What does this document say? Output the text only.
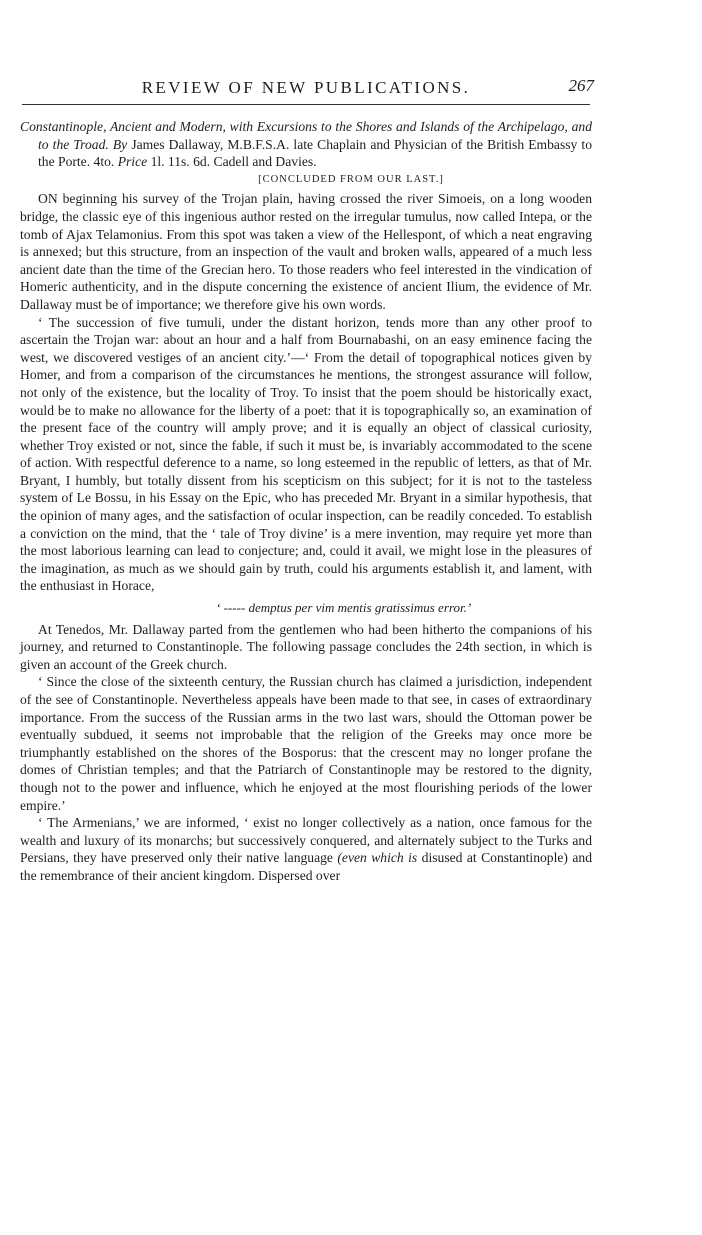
REVIEW OF NEW PUBLICATIONS.	267

Constantinople, Ancient and Modern, with Excursions to the Shores and Islands of the Archipelago, and to the Troad. By James Dallaway, M.B.F.S.A. late Chaplain and Physician of the British Embassy to the Porte. 4to. Price 1l. 11s. 6d. Cadell and Davies.

[CONCLUDED FROM OUR LAST.]

ON beginning his survey of the Trojan plain, having crossed the river Simoeis, on a long wooden bridge, the classic eye of this ingenious author rested on the irregular tumulus, now called Intepa, or the tomb of Ajax Telamonius. From this spot was taken a view of the Hellespont, of which a neat engraving is annexed; but this structure, from an inspection of the vault and broken walls, appeared of a much less ancient date than the time of the Grecian hero. To those readers who feel interested in the vindication of Homeric authenticity, and in the dispute concerning the existence of ancient Ilium, the evidence of Mr. Dallaway must be of importance; we therefore give his own words.

‘ The succession of five tumuli, under the distant horizon, tends more than any other proof to ascertain the Trojan war: about an hour and a half from Bournabashi, on an easy eminence facing the west, we discovered vestiges of an ancient city.’—‘ From the detail of topographical notices given by Homer, and from a comparison of the circumstances he mentions, the strongest assurance will follow, not only of the existence, but the locality of Troy. To insist that the poem should be historically exact, would be to make no allowance for the liberty of a poet: that it is topographically so, an examination of the present face of the country will amply prove; and it is equally an object of classical curiosity, whether Troy existed or not, since the fable, if such it must be, is invariably accommodated to the scene of action. With respectful deference to a name, so long esteemed in the republic of letters, as that of Mr. Bryant, I humbly, but totally dissent from his scepticism on this subject; for it is not to the tasteless system of Le Bossu, in his Essay on the Epic, who has preceded Mr. Bryant in a similar hypothesis, that the opinion of many ages, and the satisfaction of ocular inspection, can be readily conceded. To establish a conviction on the mind, that the ‘ tale of Troy divine’ is a mere invention, may require yet more than the most laborious learning can lead to conjecture; and, could it avail, we might lose in the pleasures of the imagination, as much as we should gain by truth, could his arguments establish it, and lament, with the enthusiast in Horace,

‘ ----- demptus per vim mentis gratissimus error.’

At Tenedos, Mr. Dallaway parted from the gentlemen who had been hitherto the companions of his journey, and returned to Constantinople. The following passage concludes the 24th section, in which is given an account of the Greek church.

‘ Since the close of the sixteenth century, the Russian church has claimed a jurisdiction, independent of the see of Constantinople. Nevertheless appeals have been made to that see, in cases of extraordinary importance. From the success of the Russian arms in the two last wars, should the Ottoman power be eventually subdued, it seems not improbable that the religion of the Greeks may once more be triumphantly established on the shores of the Bosporus: that the crescent may no longer profane the domes of Christian temples; and that the Patriarch of Constantinople may be restored to the dignity, though not to the power and influence, which he enjoyed at the most flourishing periods of the lower empire.’

‘ The Armenians,’ we are informed, ‘ exist no longer collectively as a nation, once famous for the wealth and luxury of its monarchs; but successively conquered, and alternately subject to the Turks and Persians, they have preserved only their native language (even which is disused at Constantinople) and the remembrance of their ancient kingdom. Dispersed over
